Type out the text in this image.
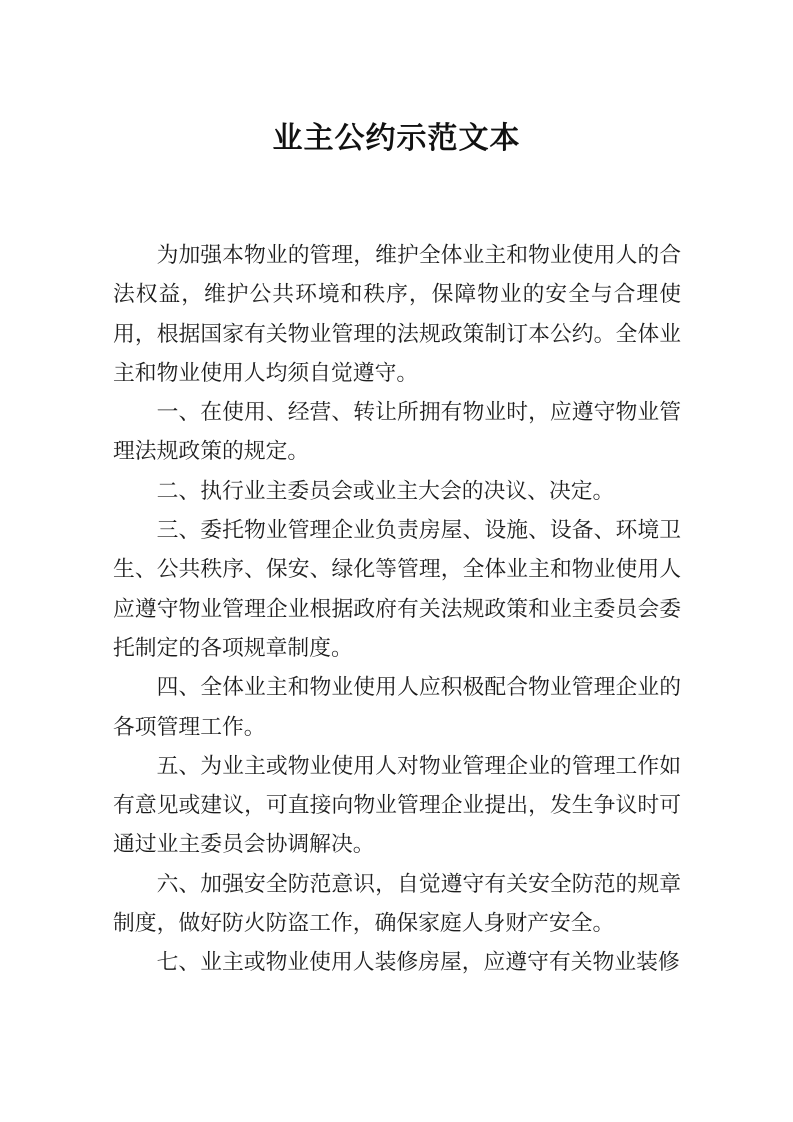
业主公约示范文本

为加强本物业的管理，维护全体业主和物业使用人的合法权益，维护公共环境和秩序，保障物业的安全与合理使用，根据国家有关物业管理的法规政策制订本公约。全体业主和物业使用人均须自觉遵守。

一、在使用、经营、转让所拥有物业时，应遵守物业管理法规政策的规定。

二、执行业主委员会或业主大会的决议、决定。

三、委托物业管理企业负责房屋、设施、设备、环境卫生、公共秩序、保安、绿化等管理，全体业主和物业使用人应遵守物业管理企业根据政府有关法规政策和业主委员会委托制定的各项规章制度。

四、全体业主和物业使用人应积极配合物业管理企业的各项管理工作。

五、为业主或物业使用人对物业管理企业的管理工作如有意见或建议，可直接向物业管理企业提出，发生争议时可通过业主委员会协调解决。

六、加强安全防范意识，自觉遵守有关安全防范的规章制度，做好防火防盗工作，确保家庭人身财产安全。

七、业主或物业使用人装修房屋，应遵守有关物业装修
